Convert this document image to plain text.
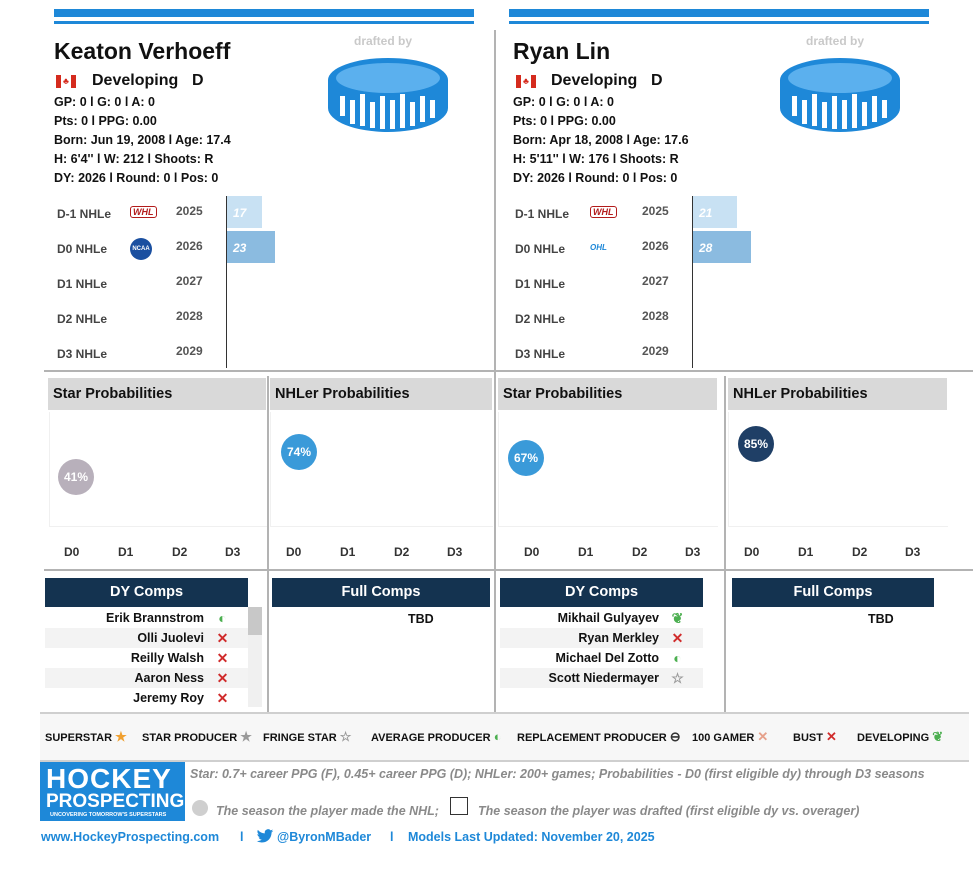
Keaton Verhoeff
♣ Developing D
GP: 0 l G: 0 l A: 0
Pts: 0 l PPG: 0.00
Born: Jun 19, 2008 l Age: 17.4
H: 6'4'' l W: 212 l Shoots: R
DY: 2026 l Round: 0 l Pos: 0
drafted by
D-1 NHLe	WHL 2025	17
D0 NHLe	NCAA 2026	23
D1 NHLe	2027
D2 NHLe	2028
D3 NHLe	2029
Ryan Lin
♣ Developing D
GP: 0 l G: 0 l A: 0
Pts: 0 l PPG: 0.00
Born: Apr 18, 2008 l Age: 17.6
H: 5'11'' l W: 176 l Shoots: R
DY: 2026 l Round: 0 l Pos: 0
drafted by
D-1 NHLe	WHL 2025	21
D0 NHLe	OHL	2026	28
D1 NHLe	2027
D2 NHLe	2028
D3 NHLe	2029
Star Probabilities	NHLer Probabilities	Star Probabilities	NHLer Probabilities
41%
74%	67%
85%
D0	D1	D2	D3	D0	D1	D2	D3	D0	D1	D2	D3	D0	D1	D2	D3
DY Comps	Full Comps	DY Comps	Full Comps
TBD	TBD
Erik Brannstrom ◐
Olli Juolevi ✕
Reilly Walsh ✕
Aaron Ness ✕
Jeremy Roy ✕
Mikhail Gulyayev ❦
Ryan Merkley ✕
Michael Del Zotto ◐
Scott Niedermayer ☆
SUPERSTAR ★ STAR PRODUCER ★ FRINGE STAR ☆ AVERAGE PRODUCER ◐ REPLACEMENT PRODUCER ⊖ 100 GAMER ✕ BUST ✕ DEVELOPING ❦
HOCKEY
PROSPECTING
UNCOVERING TOMORROW'S SUPERSTARS
Star: 0.7+ career PPG (F), 0.45+ career PPG (D); NHLer: 200+ games; Probabilities - D0 (first eligible dy) through D3 seasons
The season the player made the NHL;	The season the player was drafted (first eligible dy vs. overager)
www.HockeyProspecting.com l	@ByronMBader l Models Last Updated: November 20, 2025
